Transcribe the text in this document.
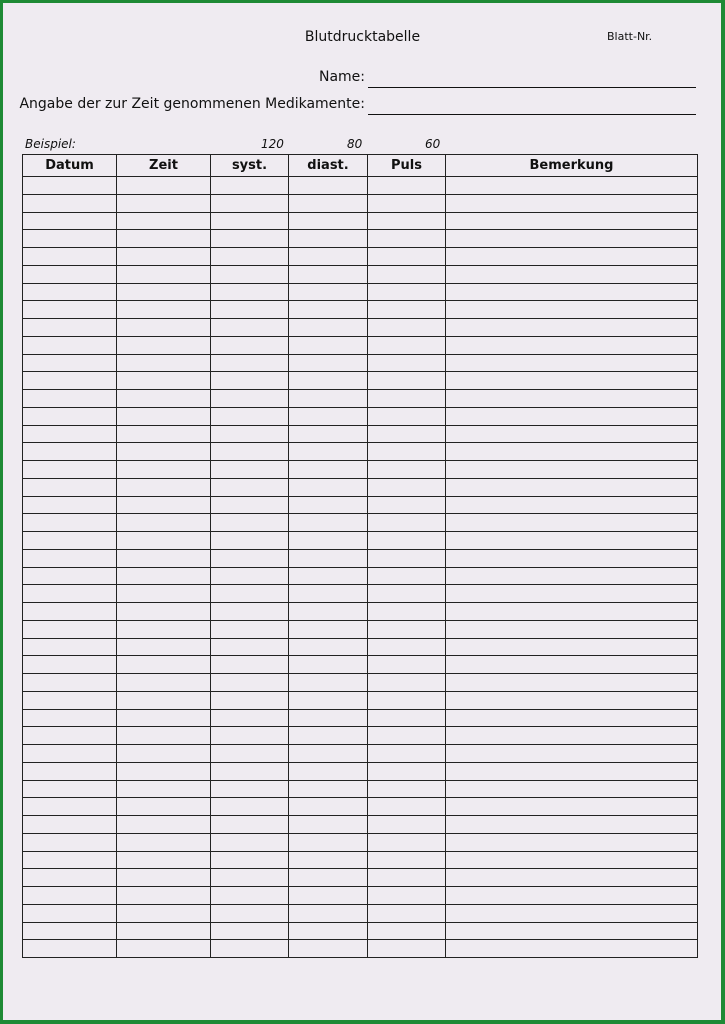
Blutdrucktabelle	Blatt-Nr.
Name:
Angabe der zur Zeit genommenen Medikamente:
Beispiel:	120	80	60
Datum	Zeit	syst.	diast.	Puls	Bemerkung
